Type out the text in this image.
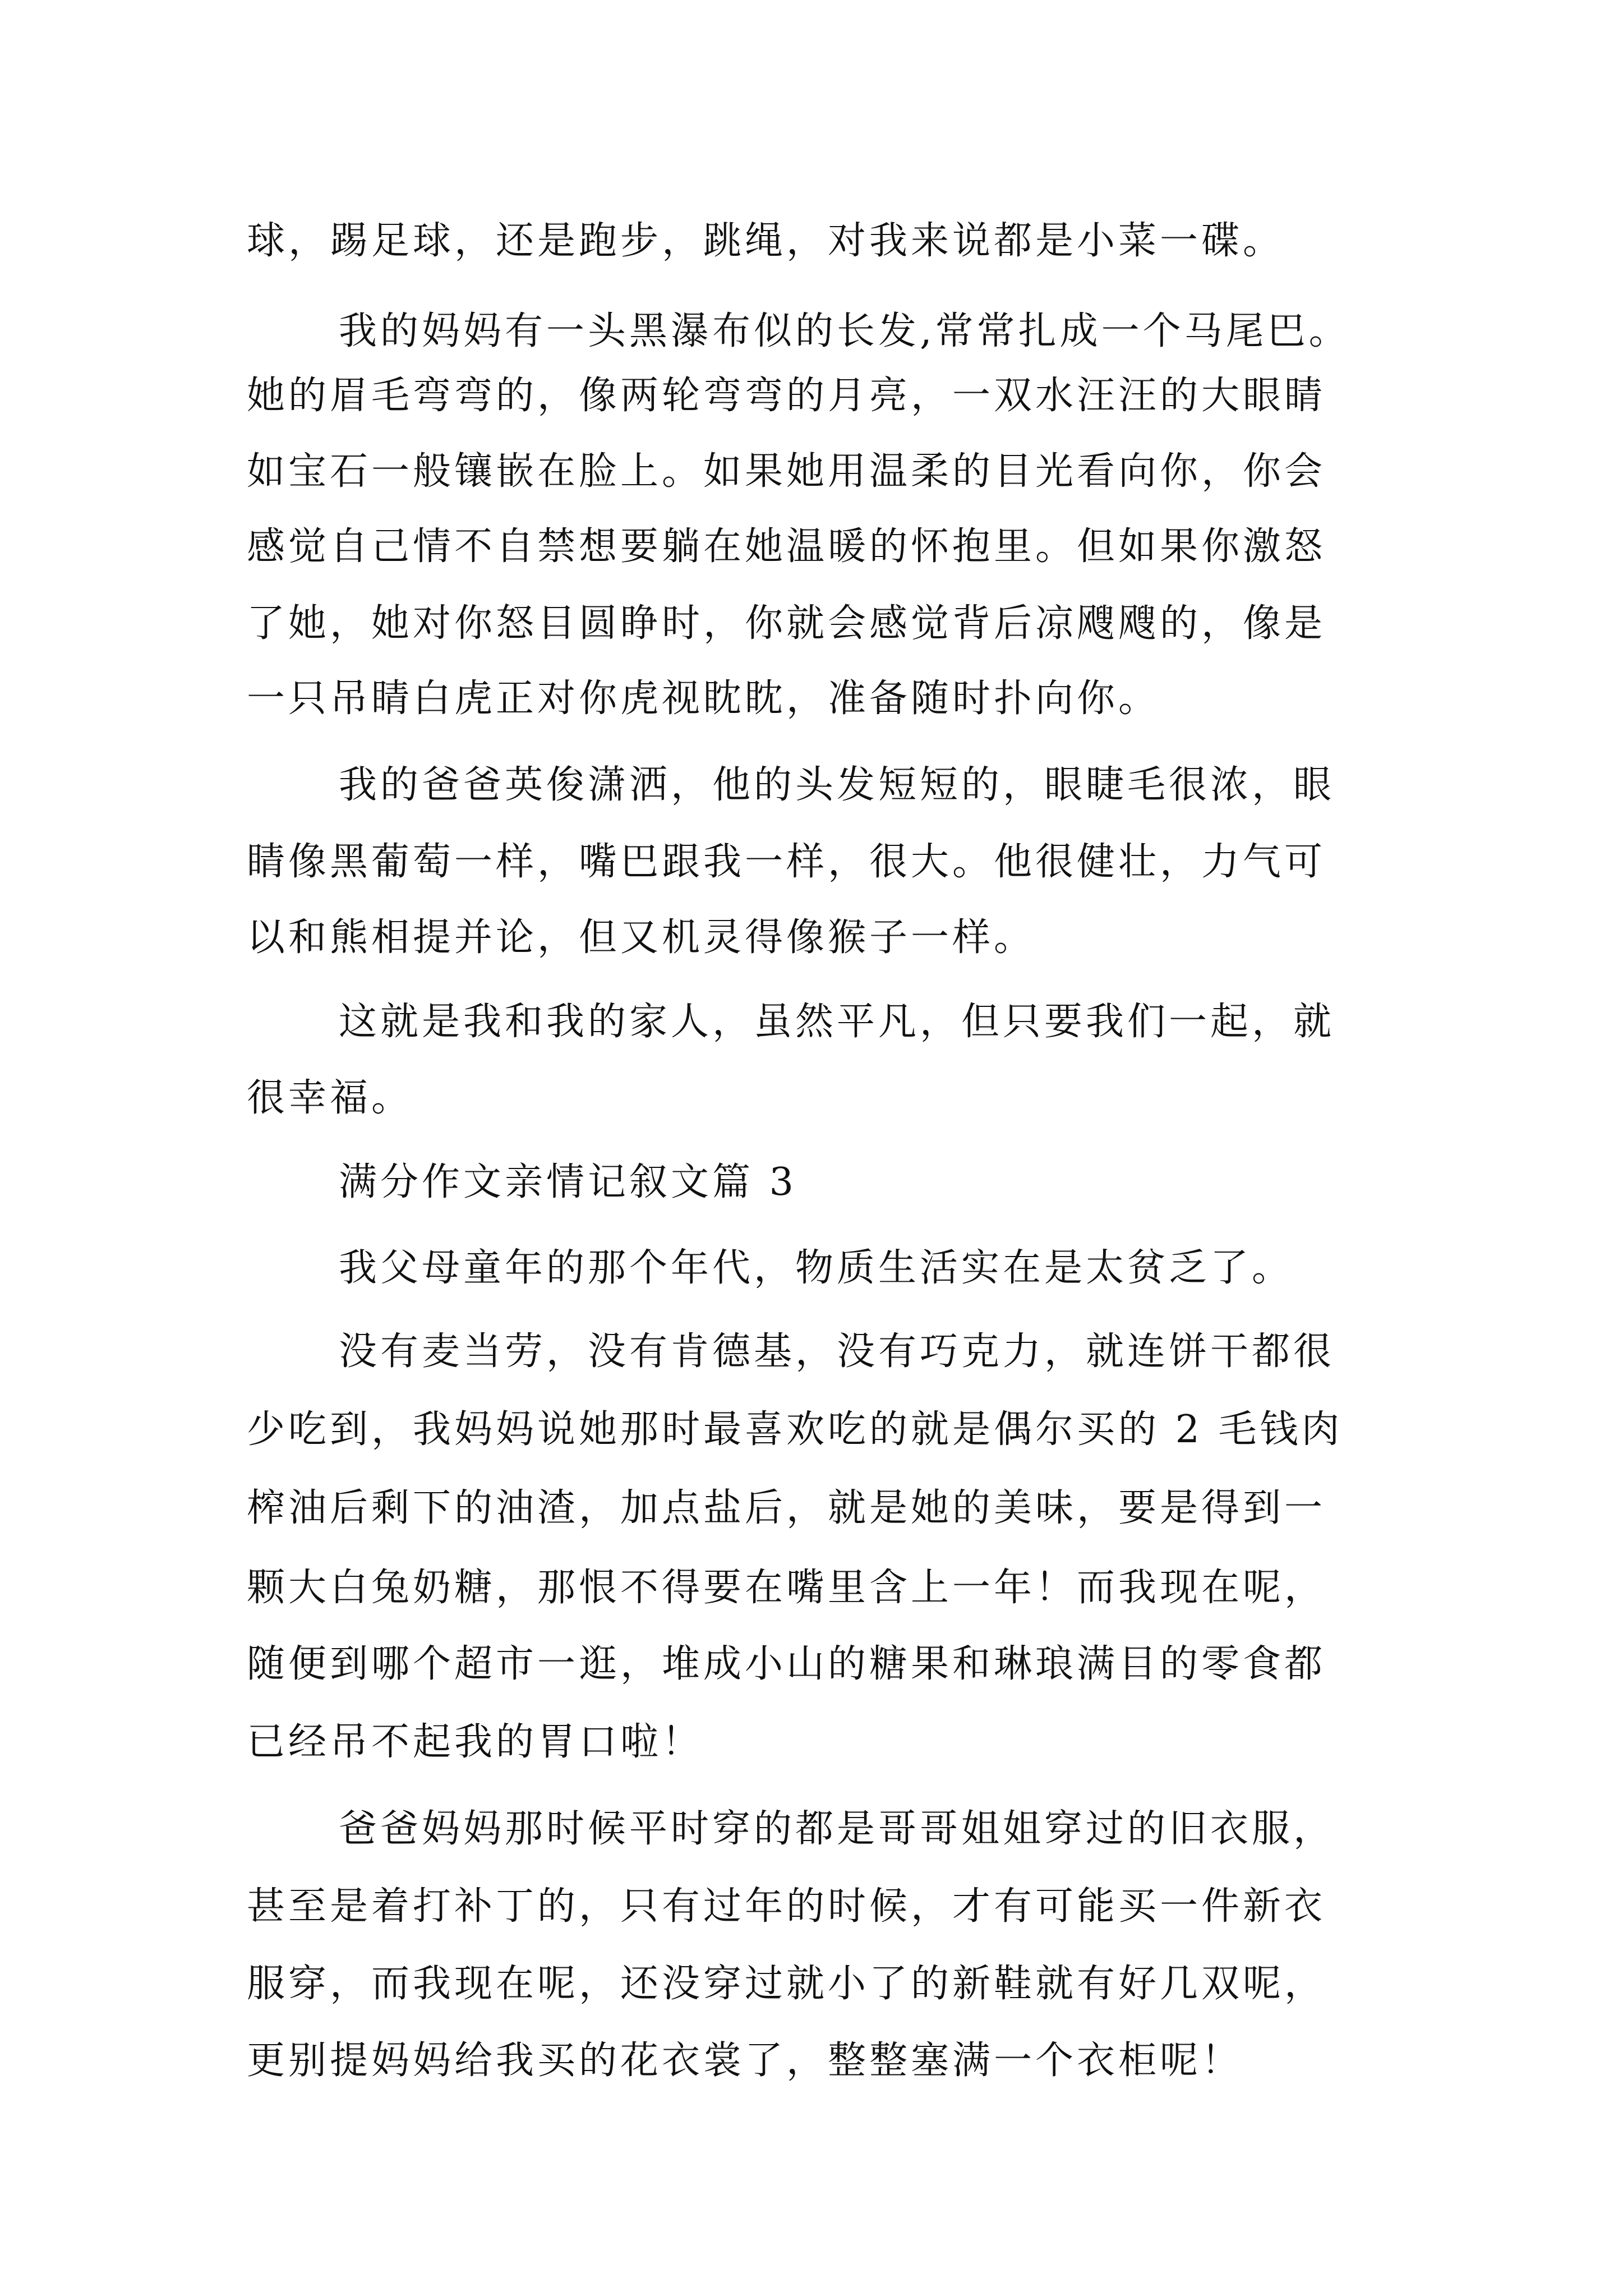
球，踢足球，还是跑步，跳绳，对我来说都是小菜一碟。
我的妈妈有一头黑瀑布似的长发,常常扎成一个马尾巴。
她的眉毛弯弯的，像两轮弯弯的月亮，一双水汪汪的大眼睛
如宝石一般镶嵌在脸上。如果她用温柔的目光看向你，你会
感觉自己情不自禁想要躺在她温暖的怀抱里。但如果你激怒
了她，她对你怒目圆睁时，你就会感觉背后凉飕飕的，像是
一只吊睛白虎正对你虎视眈眈，准备随时扑向你。
我的爸爸英俊潇洒，他的头发短短的，眼睫毛很浓，眼
睛像黑葡萄一样，嘴巴跟我一样，很大。他很健壮，力气可
以和熊相提并论，但又机灵得像猴子一样。
这就是我和我的家人，虽然平凡，但只要我们一起，就
很幸福。
满分作文亲情记叙文篇 3
我父母童年的那个年代，物质生活实在是太贫乏了。
没有麦当劳，没有肯德基，没有巧克力，就连饼干都很
少吃到，我妈妈说她那时最喜欢吃的就是偶尔买的 2 毛钱肉
榨油后剩下的油渣，加点盐后，就是她的美味，要是得到一
颗大白兔奶糖，那恨不得要在嘴里含上一年！而我现在呢，
随便到哪个超市一逛，堆成小山的糖果和琳琅满目的零食都
已经吊不起我的胃口啦！
爸爸妈妈那时候平时穿的都是哥哥姐姐穿过的旧衣服，
甚至是着打补丁的，只有过年的时候，才有可能买一件新衣
服穿，而我现在呢，还没穿过就小了的新鞋就有好几双呢，
更别提妈妈给我买的花衣裳了，整整塞满一个衣柜呢！
